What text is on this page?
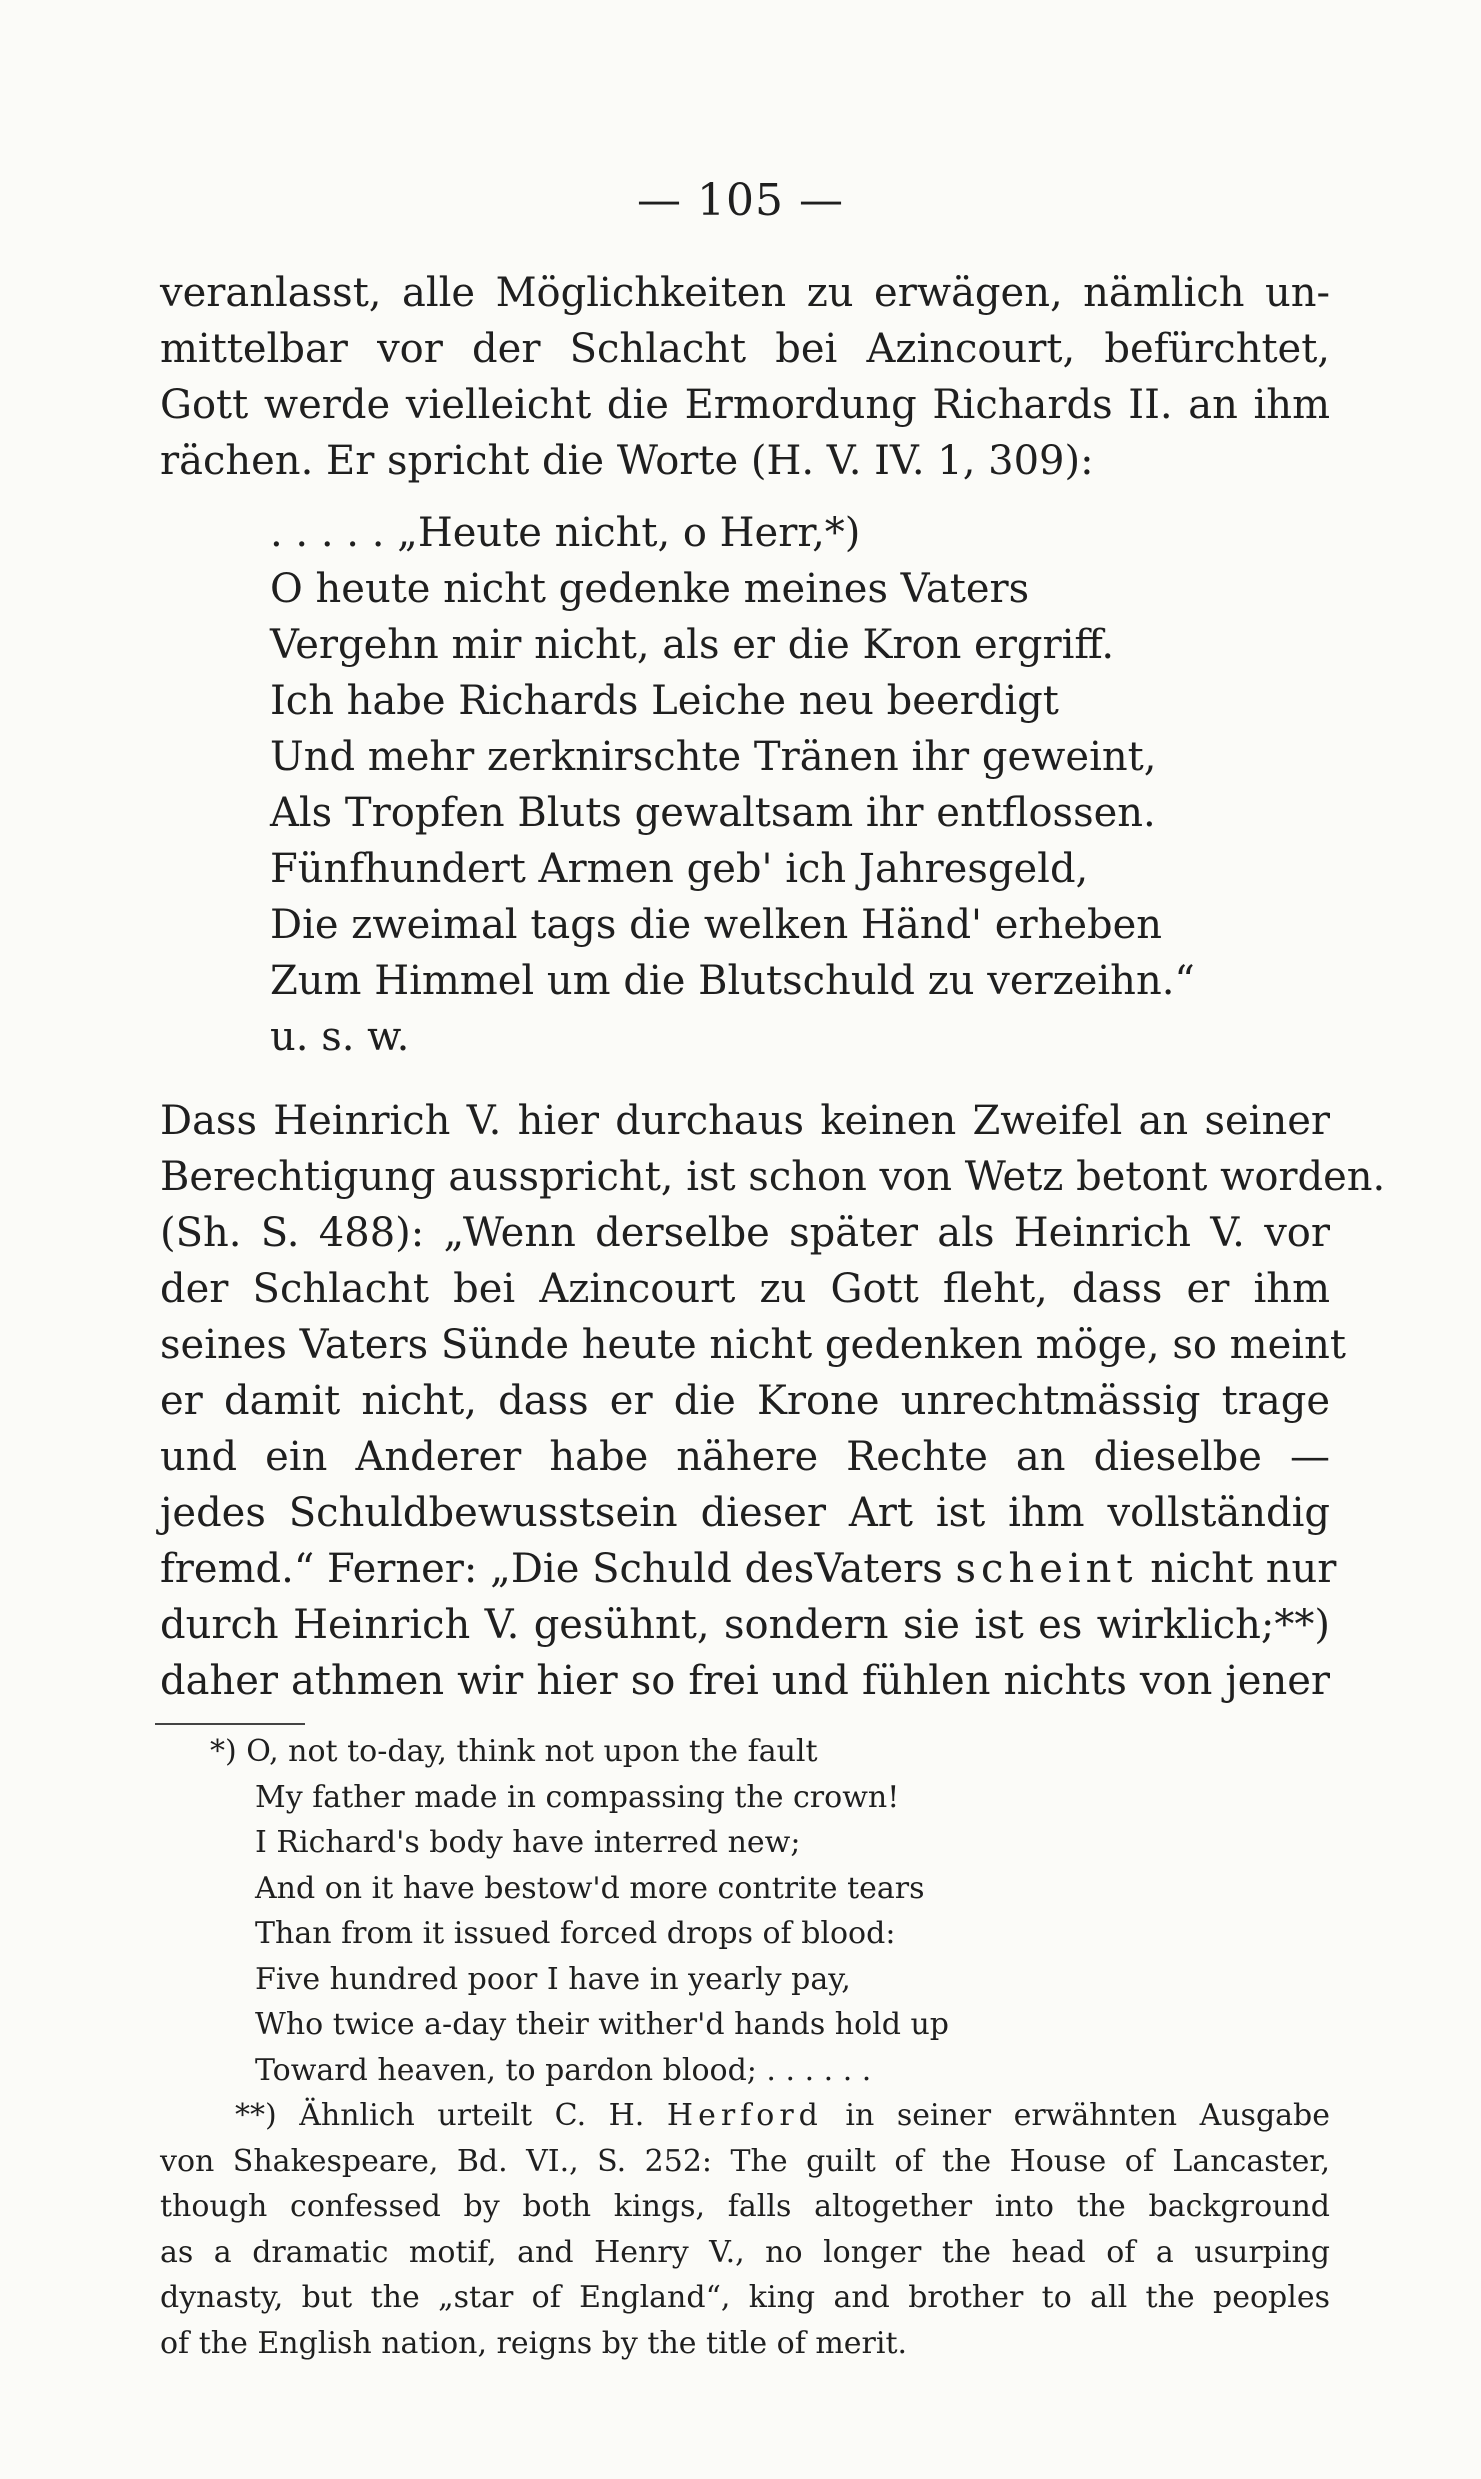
— 105 —
veranlasst, alle Möglichkeiten zu erwägen, nämlich un-
mittelbar vor der Schlacht bei Azincourt, befürchtet,
Gott werde vielleicht die Ermordung Richards II. an ihm
rächen. Er spricht die Worte (H. V. IV. 1, 309):
. . . . . „Heute nicht, o Herr,*)
O heute nicht gedenke meines Vaters
Vergehn mir nicht, als er die Kron ergriff.
Ich habe Richards Leiche neu beerdigt
Und mehr zerknirschte Tränen ihr geweint,
Als Tropfen Bluts gewaltsam ihr entflossen.
Fünfhundert Armen geb' ich Jahresgeld,
Die zweimal tags die welken Händ' erheben
Zum Himmel um die Blutschuld zu verzeihn.“
u. s. w.
Dass Heinrich V. hier durchaus keinen Zweifel an seiner
Berechtigung ausspricht, ist schon von Wetz betont worden.
(Sh. S. 488): „Wenn derselbe später als Heinrich V. vor
der Schlacht bei Azincourt zu Gott fleht, dass er ihm
seines Vaters Sünde heute nicht gedenken möge, so meint
er damit nicht, dass er die Krone unrechtmässig trage
und ein Anderer habe nähere Rechte an dieselbe —
jedes Schuldbewusstsein dieser Art ist ihm vollständig
fremd.“ Ferner: „Die Schuld desVaters scheint nicht nur
durch Heinrich V. gesühnt, sondern sie ist es wirklich;**)
daher athmen wir hier so frei und fühlen nichts von jener
*) O, not to-day, think not upon the fault
My father made in compassing the crown!
I Richard's body have interred new;
And on it have bestow'd more contrite tears
Than from it issued forced drops of blood:
Five hundred poor I have in yearly pay,
Who twice a-day their wither'd hands hold up
Toward heaven, to pardon blood; . . . . . .
**) Ähnlich urteilt C. H. Herford in seiner erwähnten Ausgabe
von Shakespeare, Bd. VI., S. 252: The guilt of the House of Lancaster,
though confessed by both kings, falls altogether into the background
as a dramatic motif, and Henry V., no longer the head of a usurping
dynasty, but the „star of England“, king and brother to all the peoples
of the English nation, reigns by the title of merit.
